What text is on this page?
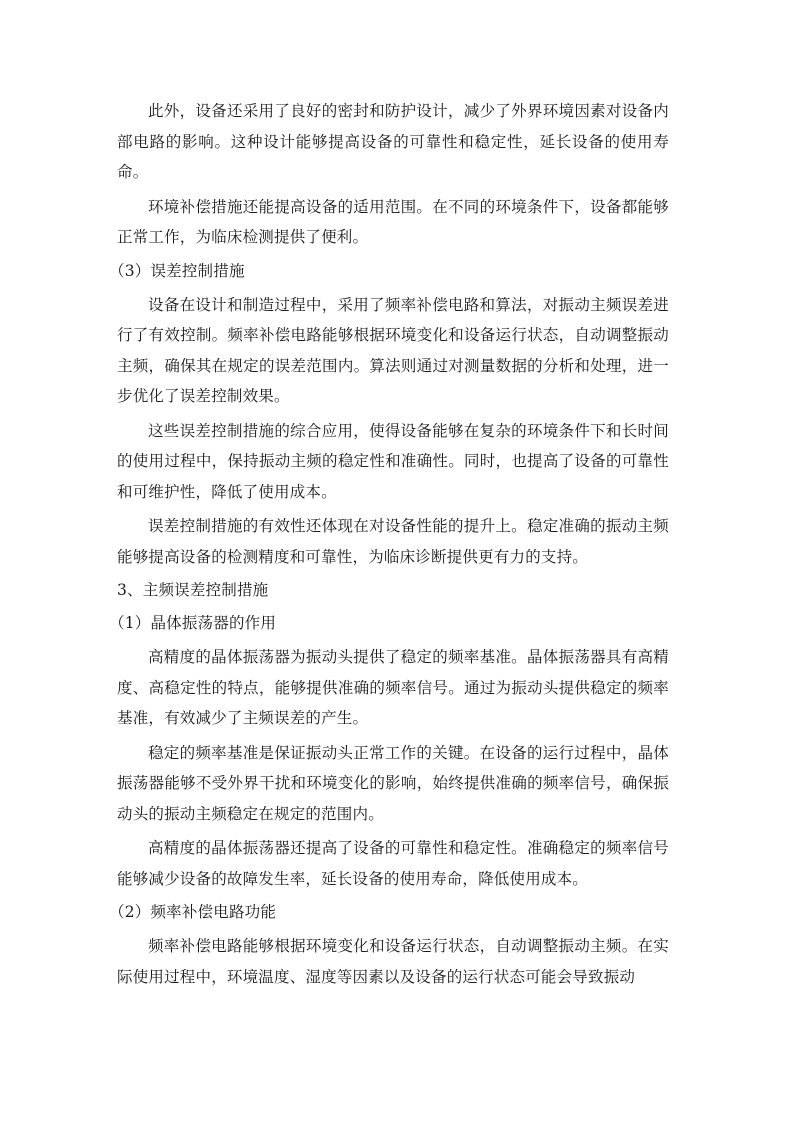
此外，设备还采用了良好的密封和防护设计，减少了外界环境因素对设备内部电路的影响。这种设计能够提高设备的可靠性和稳定性，延长设备的使用寿命。

环境补偿措施还能提高设备的适用范围。在不同的环境条件下，设备都能够正常工作，为临床检测提供了便利。

（3）误差控制措施

设备在设计和制造过程中，采用了频率补偿电路和算法，对振动主频误差进行了有效控制。频率补偿电路能够根据环境变化和设备运行状态，自动调整振动主频，确保其在规定的误差范围内。算法则通过对测量数据的分析和处理，进一步优化了误差控制效果。

这些误差控制措施的综合应用，使得设备能够在复杂的环境条件下和长时间的使用过程中，保持振动主频的稳定性和准确性。同时，也提高了设备的可靠性和可维护性，降低了使用成本。

误差控制措施的有效性还体现在对设备性能的提升上。稳定准确的振动主频能够提高设备的检测精度和可靠性，为临床诊断提供更有力的支持。

3、主频误差控制措施

（1）晶体振荡器的作用

高精度的晶体振荡器为振动头提供了稳定的频率基准。晶体振荡器具有高精度、高稳定性的特点，能够提供准确的频率信号。通过为振动头提供稳定的频率基准，有效减少了主频误差的产生。

稳定的频率基准是保证振动头正常工作的关键。在设备的运行过程中，晶体振荡器能够不受外界干扰和环境变化的影响，始终提供准确的频率信号，确保振动头的振动主频稳定在规定的范围内。

高精度的晶体振荡器还提高了设备的可靠性和稳定性。准确稳定的频率信号能够减少设备的故障发生率，延长设备的使用寿命，降低使用成本。

（2）频率补偿电路功能

频率补偿电路能够根据环境变化和设备运行状态，自动调整振动主频。在实际使用过程中，环境温度、湿度等因素以及设备的运行状态可能会导致振动
